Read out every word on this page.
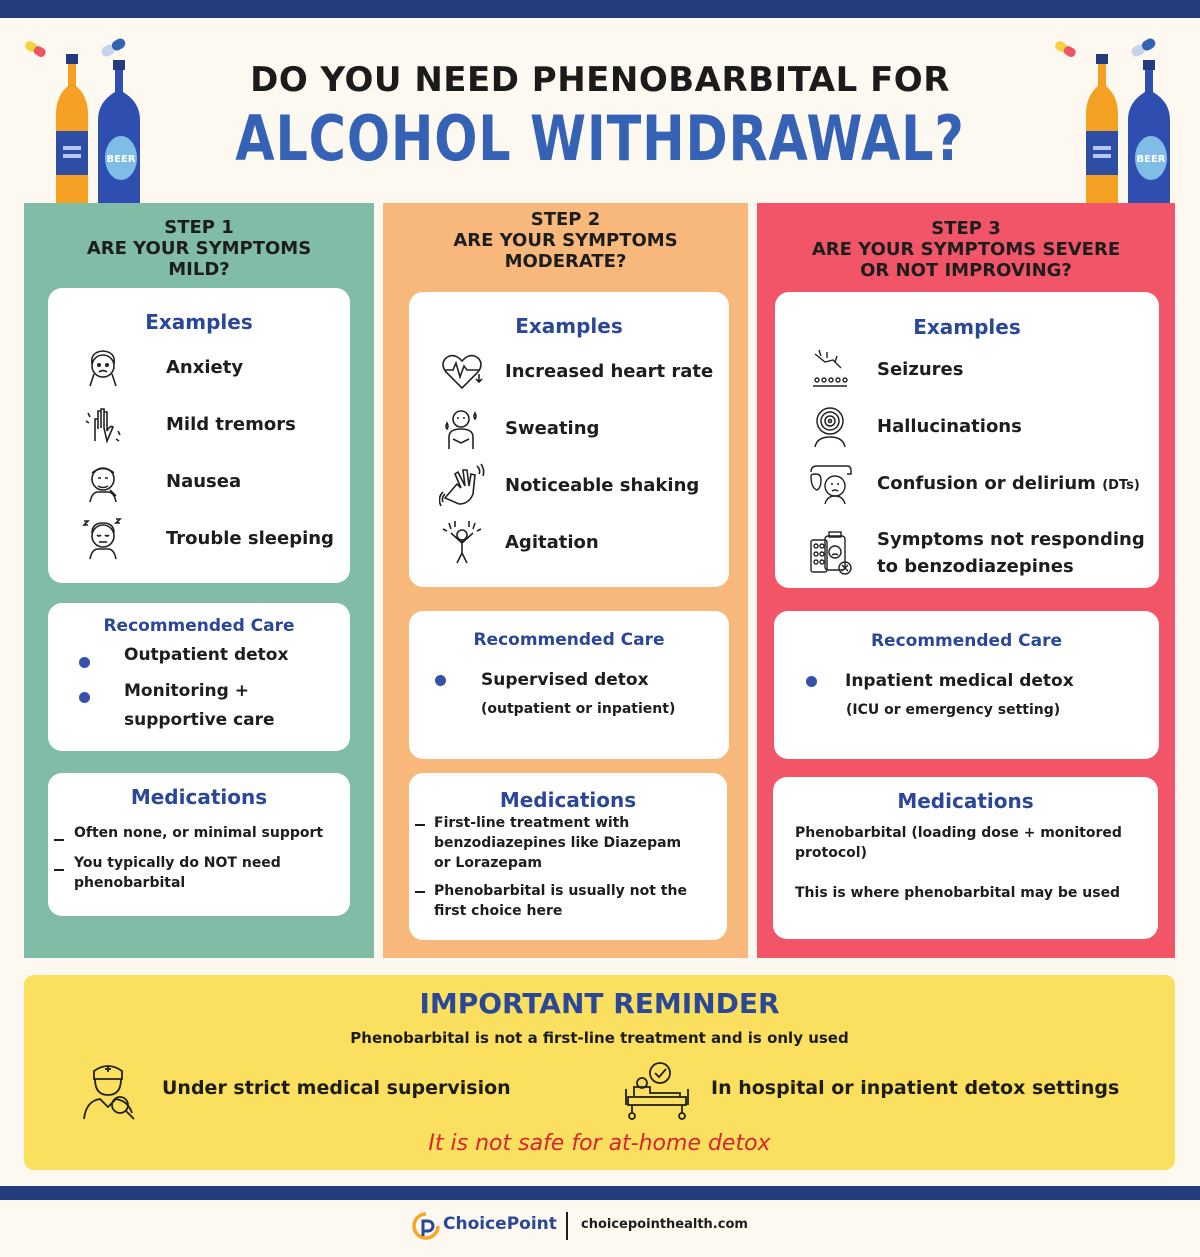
BEER	BEER
DO YOU NEED PHENOBARBITAL FOR
ALCOHOL WITHDRAWAL?
STEP 1
ARE YOUR SYMPTOMS
MILD?
Examples
Anxiety
Mild tremors
Nausea
Trouble sleeping
Recommended Care
Outpatient detox
Monitoring +
supportive care
Medications
Often none, or minimal support
You typically do NOT need
phenobarbital
STEP 2
ARE YOUR SYMPTOMS
MODERATE?
Examples
Increased heart rate
Sweating
Noticeable shaking
Agitation
Recommended Care
Supervised detox
(outpatient or inpatient)
Medications
First-line treatment with
benzodiazepines like Diazepam
or Lorazepam
Phenobarbital is usually not the
first choice here
STEP 3
ARE YOUR SYMPTOMS SEVERE
OR NOT IMPROVING?
Examples
Seizures
Hallucinations
Confusion or delirium (DTs)
Symptoms not responding
to benzodiazepines
Recommended Care
Inpatient medical detox
(ICU or emergency setting)
Medications
Phenobarbital (loading dose + monitored
protocol)
This is where phenobarbital may be used
IMPORTANT REMINDER
Phenobarbital is not a first-line treatment and is only used
Under strict medical supervision	In hospital or inpatient detox settings
It is not safe for at-home detox
ChoicePoint choicepointhealth.com
